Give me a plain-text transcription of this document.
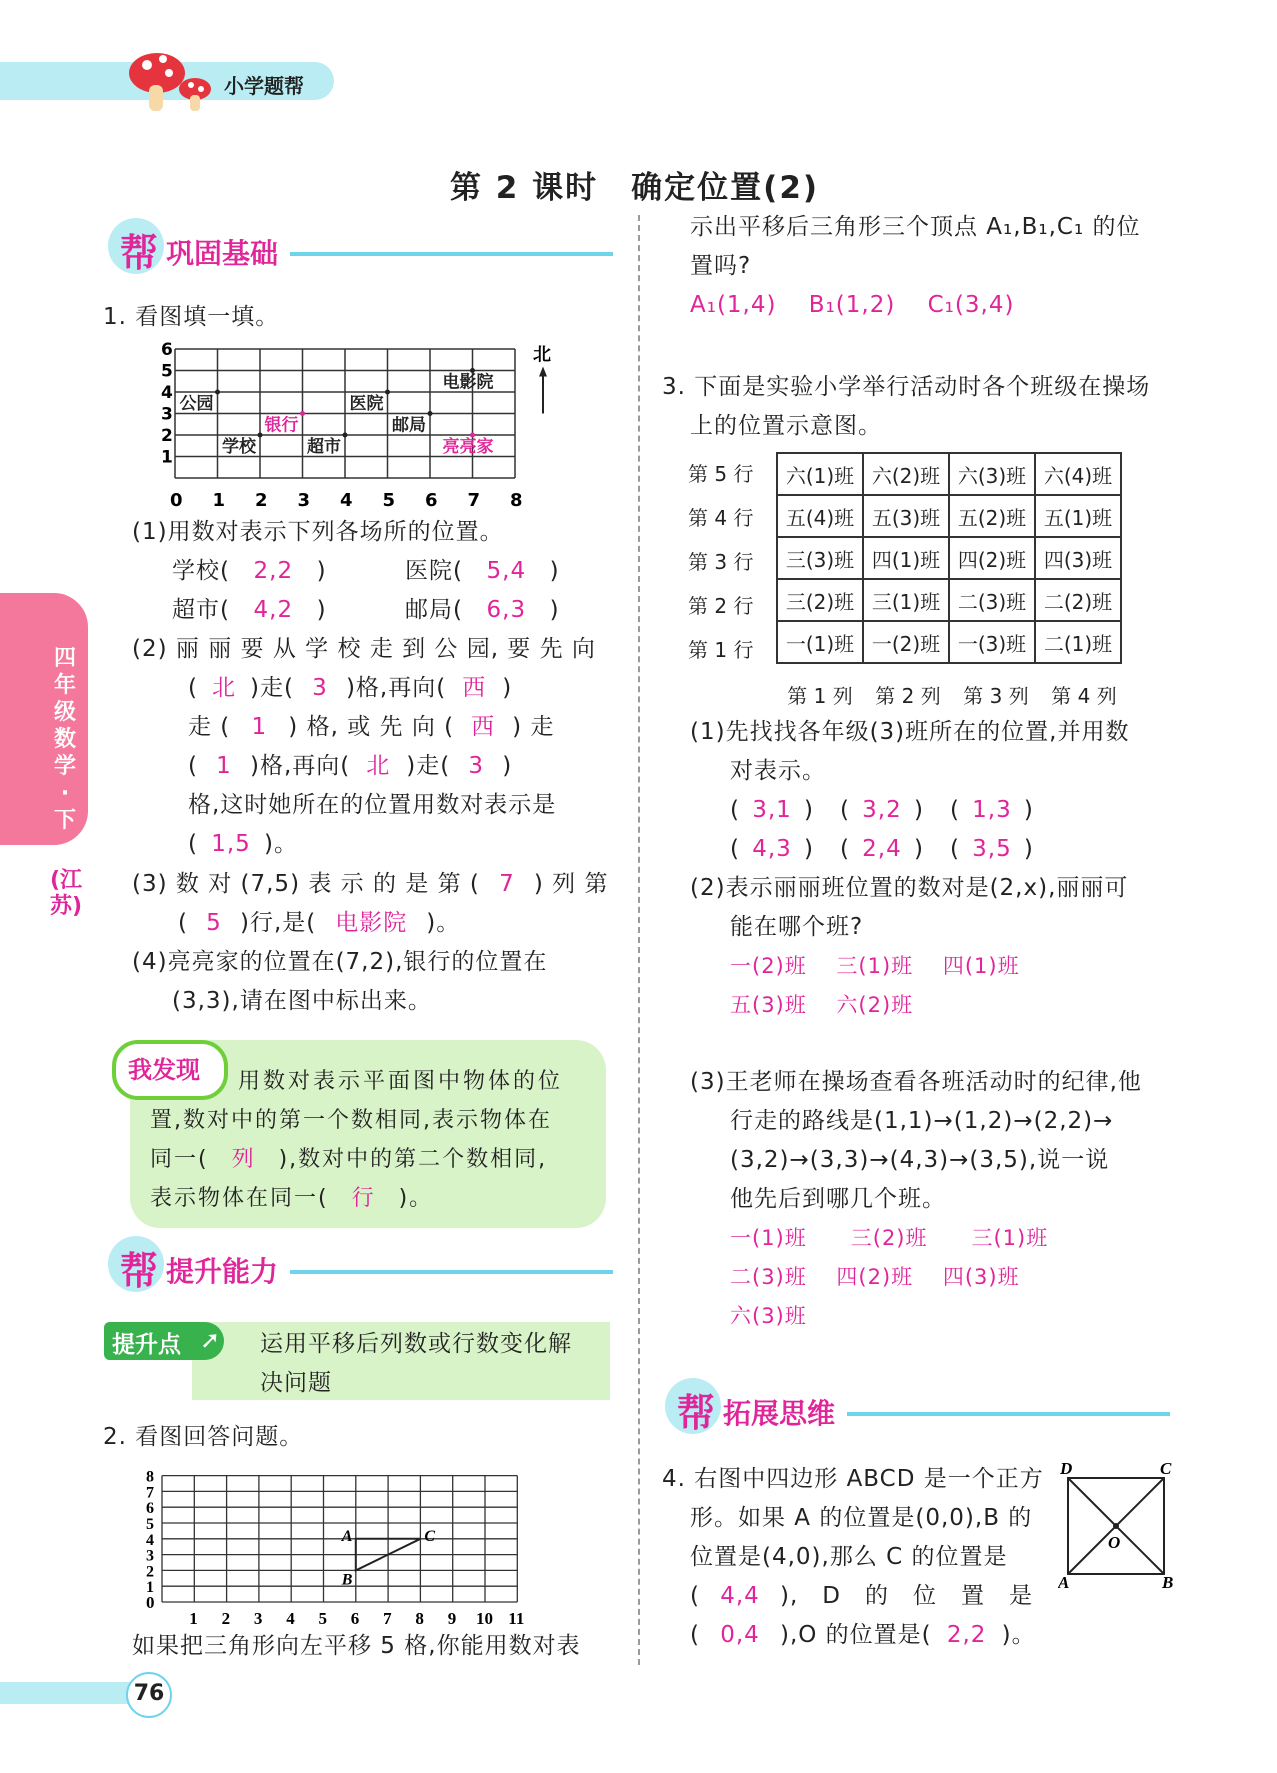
小学题帮
第 2 课时　确定位置(2)
四年级数学·下
(江苏)
帮 巩固基础
1. 看图填一填。
0 1 2 3 4 5 6 7 8
1
2
3
4
5
6
电影院
公园	医院
银行	邮局
学校	超市	亮亮家
北
(1)用数对表示下列各场所的位置。
学校( 2,2 )	医院( 5,4 )
超市( 4,2 )	邮局( 6,3 )
(2) 丽 丽 要 从 学 校 走 到 公 园, 要 先 向
( 北 )走( 3 )格,再向( 西 )
走 ( 1 ) 格, 或 先 向 ( 西 ) 走
( 1 )格,再向( 北 )走( 3 )
格,这时她所在的位置用数对表示是
( 1,5 )。
(3) 数 对 (7,5) 表 示 的 是 第 ( 7 ) 列 第
( 5 )行,是( 电影院 )。
(4)亮亮家的位置在(7,2),银行的位置在
(3,3),请在图中标出来。
我发现 用数对表示平面图中物体的位
置,数对中的第一个数相同,表示物体在
同一( 列 ),数对中的第二个数相同,
表示物体在同一( 行 )。
帮 提升能力
提升点 ➚ 运用平移后列数或行数变化解
决问题
2. 看图回答问题。
1 2 3 4 5 6 7 8 9 10 11
0
1
2
3
4
5
6
7
8
A
B
C
如果把三角形向左平移 5 格,你能用数对表
示出平移后三角形三个顶点 A₁,B₁,C₁ 的位
置吗?
A₁(1,4)　 B₁(1,2)　 C₁(3,4)
3. 下面是实验小学举行活动时各个班级在操场
上的位置示意图。
第 5 行
第 4 行
第 3 行
第 2 行
第 1 行
六(1)班	六(2)班	六(3)班	六(4)班
五(4)班	五(3)班	五(2)班	五(1)班
三(3)班	四(1)班	四(2)班	四(3)班
三(2)班	三(1)班	二(3)班	二(2)班
一(1)班	一(2)班	一(3)班	二(1)班
第 1 列	第 2 列	第 3 列	第 4 列
(1)先找找各年级(3)班所在的位置,并用数
对表示。
( 3,1 ) ( 3,2 ) ( 1,3 )
( 4,3 ) ( 2,4 ) ( 3,5 )
(2)表示丽丽班位置的数对是(2,x),丽丽可
能在哪个班?
一(2)班　 三(1)班　 四(1)班
五(3)班　 六(2)班
(3)王老师在操场查看各班活动时的纪律,他
行走的路线是(1,1)→(1,2)→(2,2)→
(3,2)→(3,3)→(4,3)→(3,5),说一说
他先后到哪几个班。
一(1)班　　三(2)班　　三(1)班
二(3)班　 四(2)班　 四(3)班
六(3)班
帮 拓展思维
4. 右图中四边形 ABCD 是一个正方
形。如果 A 的位置是(0,0),B 的
位置是(4,0),那么 C 的位置是
( 4,4 ),　D　的　位　置　是
( 0,4 ),O 的位置是( 2,2 )。
D	C
A	B
O
76
